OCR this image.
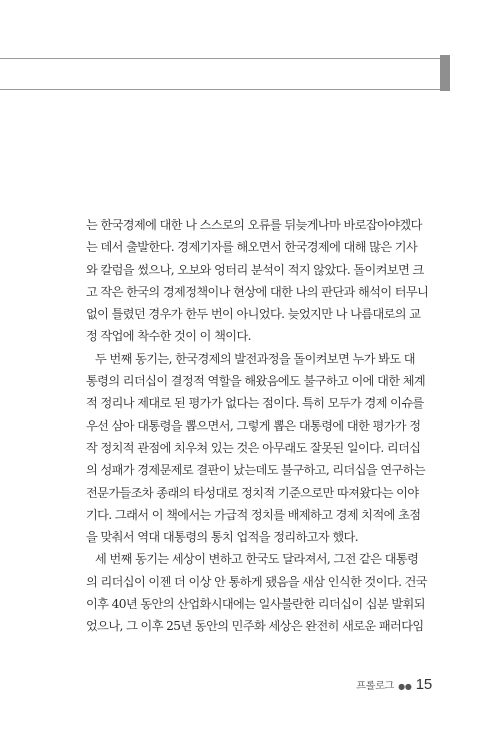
는 한국경제에 대한 나 스스로의 오류를 뒤늦게나마 바로잡아야겠다
는 데서 출발한다. 경제기자를 해오면서 한국경제에 대해 많은 기사
와 칼럼을 썼으나, 오보와 엉터리 분석이 적지 않았다. 돌이켜보면 크
고 작은 한국의 경제정책이나 현상에 대한 나의 판단과 해석이 터무니
없이 틀렸던 경우가 한두 번이 아니었다. 늦었지만 나 나름대로의 교
정 작업에 착수한 것이 이 책이다.
두 번째 동기는, 한국경제의 발전과정을 돌이켜보면 누가 봐도 대
통령의 리더십이 결정적 역할을 해왔음에도 불구하고 이에 대한 체계
적 정리나 제대로 된 평가가 없다는 점이다. 특히 모두가 경제 이슈를
우선 삼아 대통령을 뽑으면서, 그렇게 뽑은 대통령에 대한 평가가 정
작 정치적 관점에 치우쳐 있는 것은 아무래도 잘못된 일이다. 리더십
의 성패가 경제문제로 결판이 났는데도 불구하고, 리더십을 연구하는
전문가들조차 종래의 타성대로 정치적 기준으로만 따져왔다는 이야
기다. 그래서 이 책에서는 가급적 정치를 배제하고 경제 치적에 초점
을 맞춰서 역대 대통령의 통치 업적을 정리하고자 했다.
세 번째 동기는 세상이 변하고 한국도 달라져서, 그전 같은 대통령
의 리더십이 이젠 더 이상 안 통하게 됐음을 새삼 인식한 것이다. 건국
이후 40년 동안의 산업화시대에는 일사불란한 리더십이 십분 발휘되
었으나, 그 이후 25년 동안의 민주화 세상은 완전히 새로운 패러다임
프롤로그 ●● 15
